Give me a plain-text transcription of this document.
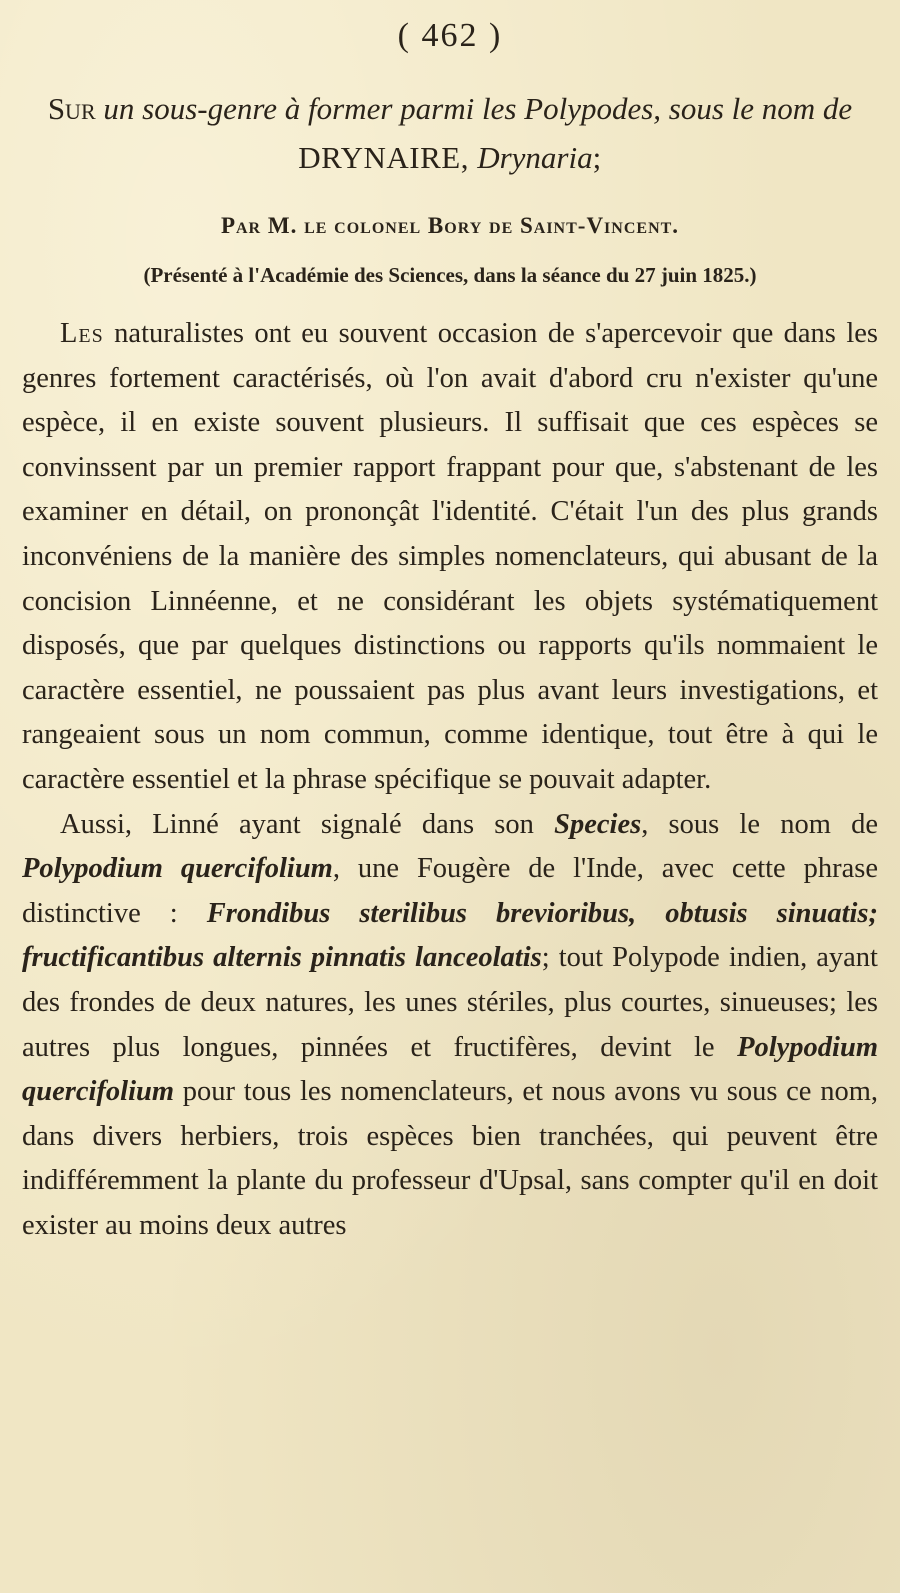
( 462 )

Sur un sous-genre à former parmi les Polypodes, sous le nom de DRYNAIRE, Drynaria;

Par M. le colonel Bory de Saint-Vincent.

(Présenté à l'Académie des Sciences, dans la séance du 27 juin 1825.)

Les naturalistes ont eu souvent occasion de s'apercevoir que dans les genres fortement caractérisés, où l'on avait d'abord cru n'exister qu'une espèce, il en existe souvent plusieurs. Il suffisait que ces espèces se convinssent par un premier rapport frappant pour que, s'abstenant de les examiner en détail, on prononçât l'identité. C'était l'un des plus grands inconvéniens de la manière des simples nomenclateurs, qui abusant de la concision Linnéenne, et ne considérant les objets systématiquement disposés, que par quelques distinctions ou rapports qu'ils nommaient le caractère essentiel, ne poussaient pas plus avant leurs investigations, et rangeaient sous un nom commun, comme identique, tout être à qui le caractère essentiel et la phrase spécifique se pouvait adapter.

Aussi, Linné ayant signalé dans son Species, sous le nom de Polypodium quercifolium, une Fougère de l'Inde, avec cette phrase distinctive : Frondibus sterilibus brevioribus, obtusis sinuatis; fructificantibus alternis pinnatis lanceolatis; tout Polypode indien, ayant des frondes de deux natures, les unes stériles, plus courtes, sinueuses; les autres plus longues, pinnées et fructifères, devint le Polypodium quercifolium pour tous les nomenclateurs, et nous avons vu sous ce nom, dans divers herbiers, trois espèces bien tranchées, qui peuvent être indifféremment la plante du professeur d'Upsal, sans compter qu'il en doit exister au moins deux autres
